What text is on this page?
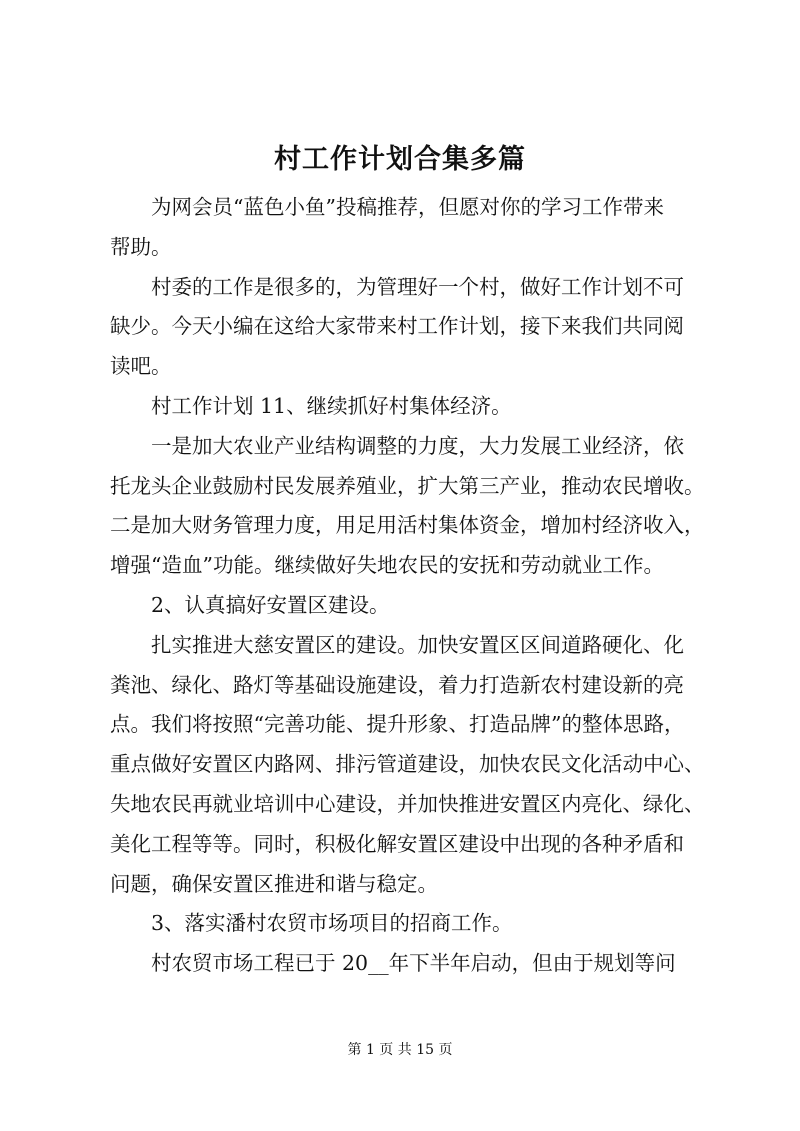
村工作计划合集多篇
为网会员“蓝色小鱼”投稿推荐，但愿对你的学习工作带来
帮助。
村委的工作是很多的，为管理好一个村，做好工作计划不可
缺少。今天小编在这给大家带来村工作计划，接下来我们共同阅
读吧。
村工作计划 11、继续抓好村集体经济。
一是加大农业产业结构调整的力度，大力发展工业经济，依
托龙头企业鼓励村民发展养殖业，扩大第三产业，推动农民增收。
二是加大财务管理力度，用足用活村集体资金，增加村经济收入，
增强“造血”功能。继续做好失地农民的安抚和劳动就业工作。
2、认真搞好安置区建设。
扎实推进大慈安置区的建设。加快安置区区间道路硬化、化
粪池、绿化、路灯等基础设施建设，着力打造新农村建设新的亮
点。我们将按照“完善功能、提升形象、打造品牌”的整体思路，
重点做好安置区内路网、排污管道建设，加快农民文化活动中心、
失地农民再就业培训中心建设，并加快推进安置区内亮化、绿化、
美化工程等等。同时，积极化解安置区建设中出现的各种矛盾和
问题，确保安置区推进和谐与稳定。
3、落实潘村农贸市场项目的招商工作。
村农贸市场工程已于 20__年下半年启动，但由于规划等问
第 1 页 共 15 页
